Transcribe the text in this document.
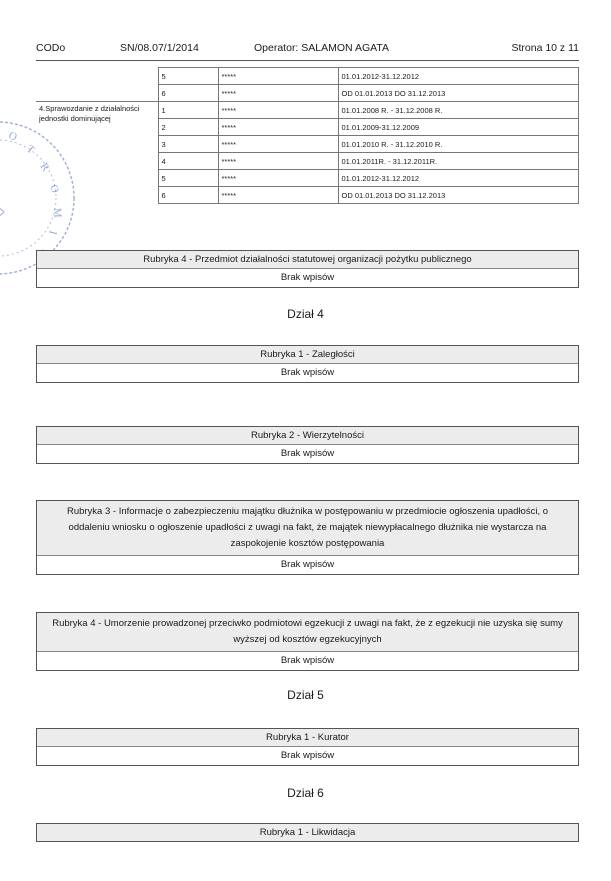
O
T
R
O
M
I
CODo	SN/08.07/1/2014	Operator: SALAMON AGATA	Strona 10 z 11
	5	*****	01.01.2012-31.12.2012
	6	*****	OD 01.01.2013 DO 31.12.2013
4.Sprawozdanie z działalności jednostki dominującej	1	*****	01.01.2008 R. - 31.12.2008 R.
	2	*****	01.01.2009-31.12.2009
	3	*****	01.01.2010 R. - 31.12.2010 R.
	4	*****	01.01.2011R. - 31.12.2011R.
	5	*****	01.01.2012-31.12.2012
	6	*****	OD 01.01.2013 DO 31.12.2013
Rubryka 4 - Przedmiot działalności statutowej organizacji pożytku publicznego
Brak wpisów
Dział 4
Rubryka 1 - Zaległości
Brak wpisów
Rubryka 2 - Wierzytelności
Brak wpisów
Rubryka 3 - Informacje o zabezpieczeniu majątku dłużnika w postępowaniu w przedmiocie ogłoszenia upadłości, o oddaleniu wniosku o ogłoszenie upadłości z uwagi na fakt, że majątek niewypłacalnego dłużnika nie wystarcza na zaspokojenie kosztów postępowania
Brak wpisów
Rubryka 4 - Umorzenie prowadzonej przeciwko podmiotowi egzekucji z uwagi na fakt, że z egzekucji nie uzyska się sumy wyższej od kosztów egzekucyjnych
Brak wpisów
Dział 5
Rubryka 1 - Kurator
Brak wpisów
Dział 6
Rubryka 1 - Likwidacja
